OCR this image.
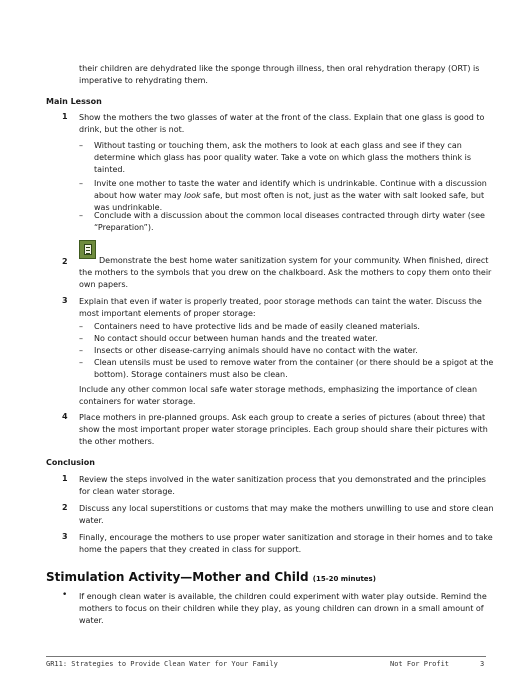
their children are dehydrated like the sponge through illness, then oral rehydration therapy (ORT) is imperative to rehydrating them.

Main Lesson
1 Show the mothers the two glasses of water at the front of the class. Explain that one glass is good to drink, but the other is not.

– Without tasting or touching them, ask the mothers to look at each glass and see if they can determine which glass has poor quality water. Take a vote on which glass the mothers think is tainted.

– Invite one mother to taste the water and identify which is undrinkable. Continue with a discussion about how water may look safe, but most often is not, just as the water with salt looked safe, but was undrinkable.

– Conclude with a discussion about the common local diseases contracted through dirty water (see “Preparation”).

2	Demonstrate the best home water sanitization system for your community. When finished, direct the mothers to the symbols that you drew on the chalkboard. Ask the mothers to copy them onto their own papers.

3 Explain that even if water is properly treated, poor storage methods can taint the water. Discuss the most important elements of proper storage:

– Containers need to have protective lids and be made of easily cleaned materials.

– No contact should occur between human hands and the treated water.

– Insects or other disease-carrying animals should have no contact with the water.

– Clean utensils must be used to remove water from the container (or there should be a spigot at the bottom). Storage containers must also be clean.

Include any other common local safe water storage methods, emphasizing the importance of clean containers for water storage.

4 Place mothers in pre-planned groups. Ask each group to create a series of pictures (about three) that show the most important proper water storage principles. Each group should share their pictures with the other mothers.

Conclusion
1 Review the steps involved in the water sanitization process that you demonstrated and the principles for clean water storage.

2 Discuss any local superstitions or customs that may make the mothers unwilling to use and store clean water.

3 Finally, encourage the mothers to use proper water sanitization and storage in their homes and to take home the papers that they created in class for support.

Stimulation Activity—Mother and Child (15-20 minutes)
• If enough clean water is available, the children could experiment with water play outside. Remind the mothers to focus on their children while they play, as young children can drown in a small amount of water.

GR11: Strategies to Provide Clean Water for Your Family	Not For Profit	3
